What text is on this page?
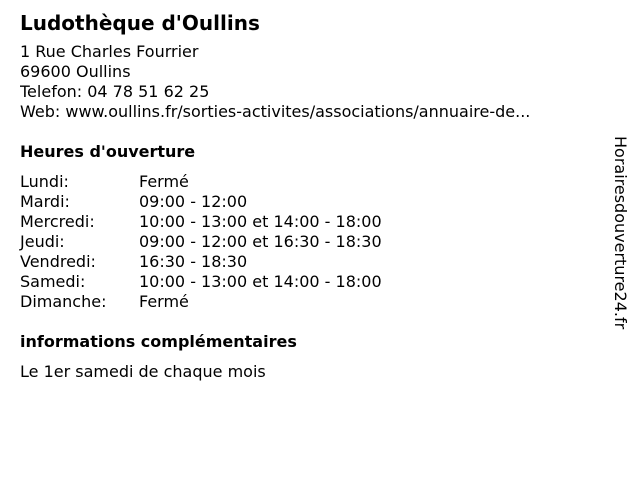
Ludothèque d'Oullins
1 Rue Charles Fourrier
69600 Oullins
Telefon: 04 78 51 62 25
Web: www.oullins.fr/sorties-activites/associations/annuaire-de...
Heures d'ouverture
Lundi:	Fermé
Mardi:	09:00 - 12:00
Mercredi:	10:00 - 13:00 et 14:00 - 18:00
Jeudi:	09:00 - 12:00 et 16:30 - 18:30
Vendredi:	16:30 - 18:30
Samedi:	10:00 - 13:00 et 14:00 - 18:00
Dimanche:	Fermé
informations complémentaires
Le 1er samedi de chaque mois
Horairesdouverture24.fr
